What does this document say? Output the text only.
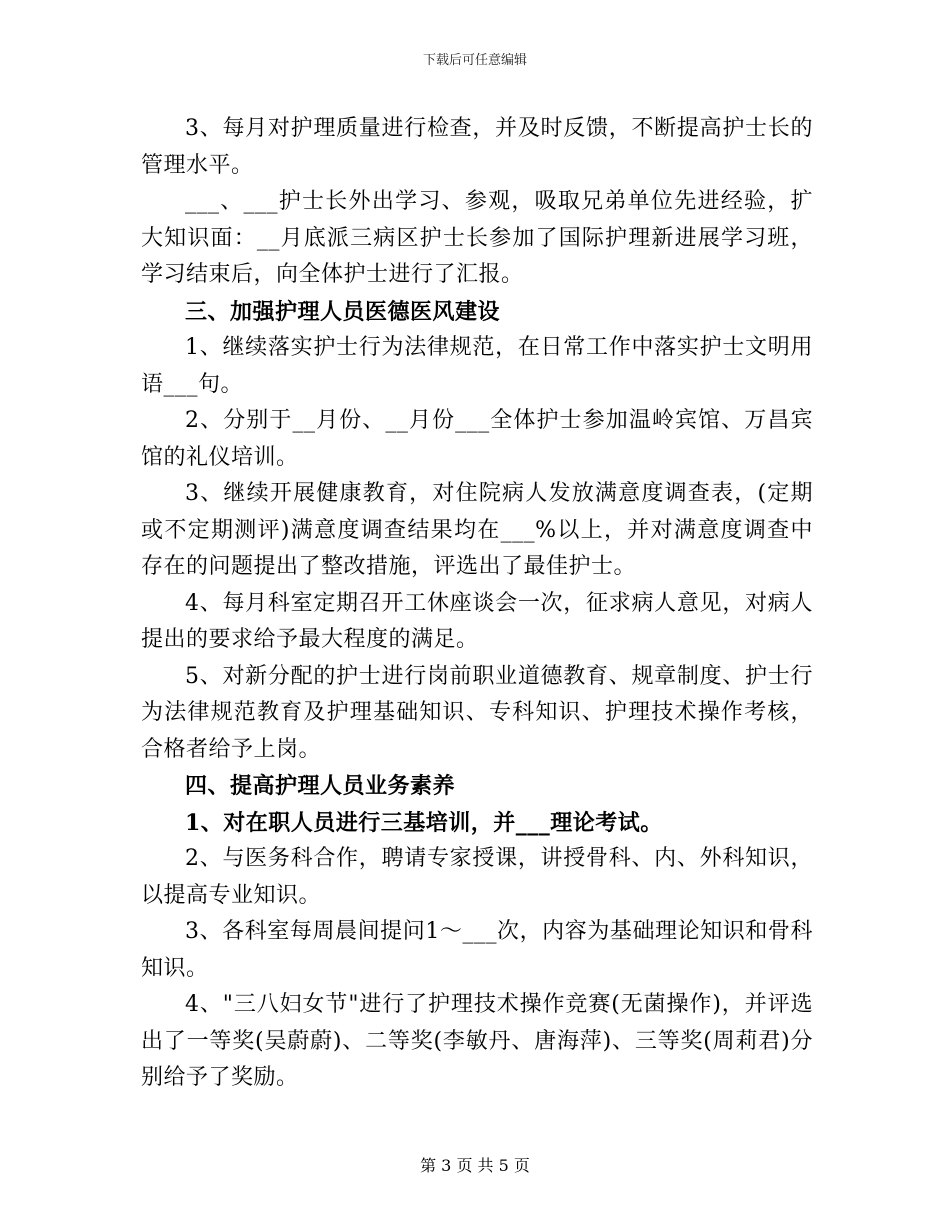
下载后可任意编辑

3、每月对护理质量进行检查，并及时反馈，不断提高护士长的管理水平。

___、___护士长外出学习、参观，吸取兄弟单位先进经验，扩大知识面：__月底派三病区护士长参加了国际护理新进展学习班，学习结束后，向全体护士进行了汇报。

三、加强护理人员医德医风建设

1、继续落实护士行为法律规范，在日常工作中落实护士文明用语___句。

2、分别于__月份、__月份___全体护士参加温岭宾馆、万昌宾馆的礼仪培训。

3、继续开展健康教育，对住院病人发放满意度调查表，(定期或不定期测评)满意度调查结果均在___%以上，并对满意度调查中存在的问题提出了整改措施，评选出了最佳护士。

4、每月科室定期召开工休座谈会一次，征求病人意见，对病人提出的要求给予最大程度的满足。

5、对新分配的护士进行岗前职业道德教育、规章制度、护士行为法律规范教育及护理基础知识、专科知识、护理技术操作考核，合格者给予上岗。

四、提高护理人员业务素养

1、对在职人员进行三基培训，并___理论考试。

2、与医务科合作，聘请专家授课，讲授骨科、内、外科知识，以提高专业知识。

3、各科室每周晨间提问1～___次，内容为基础理论知识和骨科知识。

4、"三八妇女节"进行了护理技术操作竞赛(无菌操作)，并评选出了一等奖(吴蔚蔚)、二等奖(李敏丹、唐海萍)、三等奖(周莉君)分别给予了奖励。

第 3 页 共 5 页
